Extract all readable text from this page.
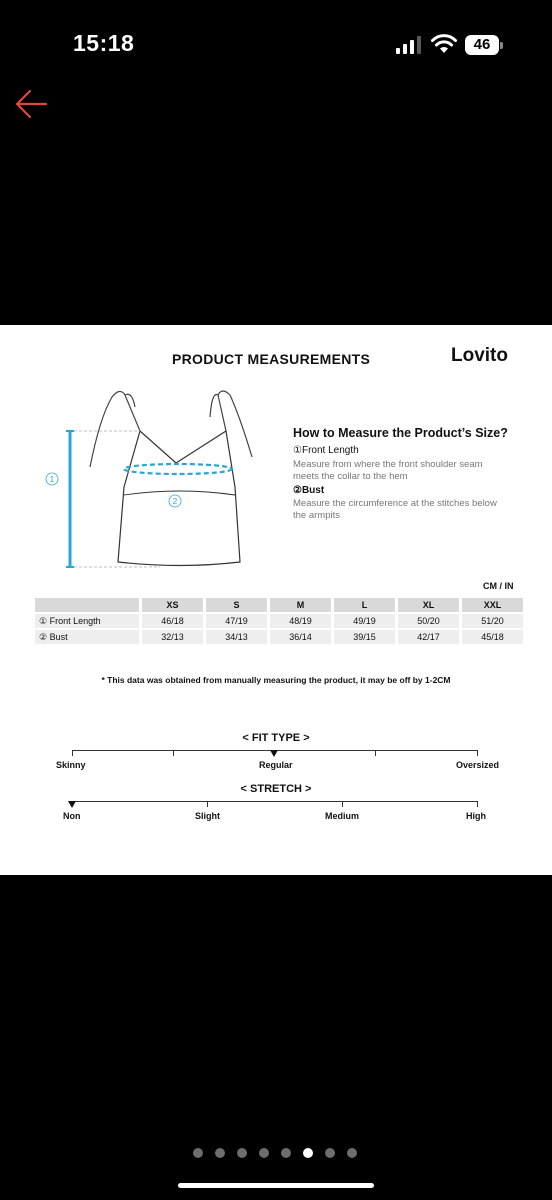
15:18	46
PRODUCT MEASUREMENTS	Lovito
1
2
How to Measure the Product’s Size?
①Front Length
Measure from where the front shoulder seam meets the collar to the hem
②Bust
Measure the circumference at the stitches below the armpits
CM / IN
		XS		S		M		L		XL		XXL
① Front Length		46/18		47/19		48/19		49/19		50/20		51/20
② Bust		32/13		34/13		36/14		39/15		42/17		45/18
* This data was obtained from manually measuring the product, it may be off by 1-2CM
< FIT TYPE >
Skinny	Regular	Oversized
< STRETCH >
Non	Slight	Medium	High
